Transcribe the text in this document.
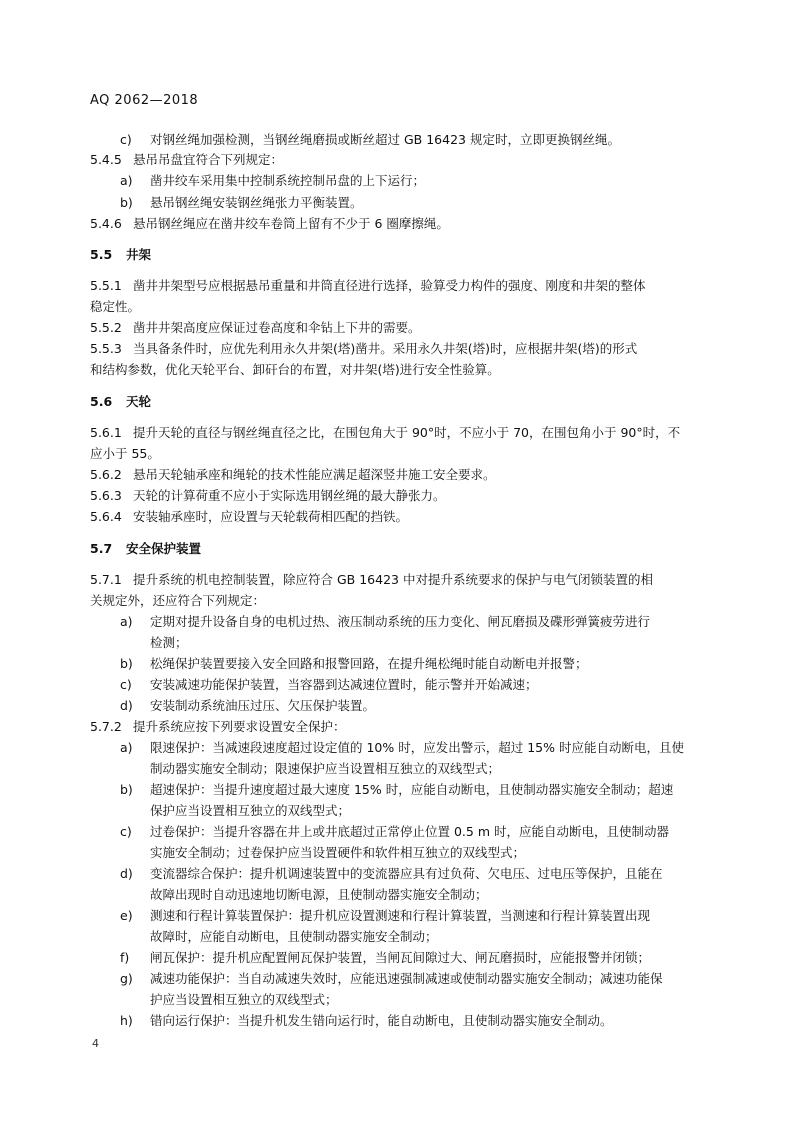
AQ 2062—2018
c) 对钢丝绳加强检测，当钢丝绳磨损或断丝超过 GB 16423 规定时，立即更换钢丝绳。
5.4.5 悬吊吊盘宜符合下列规定：
a) 凿井绞车采用集中控制系统控制吊盘的上下运行；
b) 悬吊钢丝绳安装钢丝绳张力平衡装置。
5.4.6 悬吊钢丝绳应在凿井绞车卷筒上留有不少于 6 圈摩擦绳。
5.5 井架
5.5.1 凿井井架型号应根据悬吊重量和井筒直径进行选择，验算受力构件的强度、刚度和井架的整体
稳定性。
5.5.2 凿井井架高度应保证过卷高度和伞钻上下井的需要。
5.5.3 当具备条件时，应优先利用永久井架(塔)凿井。采用永久井架(塔)时，应根据井架(塔)的形式
和结构参数，优化天轮平台、卸矸台的布置，对井架(塔)进行安全性验算。
5.6 天轮
5.6.1 提升天轮的直径与钢丝绳直径之比，在围包角大于 90°时，不应小于 70，在围包角小于 90°时，不
应小于 55。
5.6.2 悬吊天轮轴承座和绳轮的技术性能应满足超深竖井施工安全要求。
5.6.3 天轮的计算荷重不应小于实际选用钢丝绳的最大静张力。
5.6.4 安装轴承座时，应设置与天轮载荷相匹配的挡铁。
5.7 安全保护装置
5.7.1 提升系统的机电控制装置，除应符合 GB 16423 中对提升系统要求的保护与电气闭锁装置的相
关规定外，还应符合下列规定：
a) 定期对提升设备自身的电机过热、液压制动系统的压力变化、闸瓦磨损及碟形弹簧疲劳进行
检测；
b) 松绳保护装置要接入安全回路和报警回路，在提升绳松绳时能自动断电并报警；
c) 安装减速功能保护装置，当容器到达减速位置时，能示警并开始减速；
d) 安装制动系统油压过压、欠压保护装置。
5.7.2 提升系统应按下列要求设置安全保护：
a) 限速保护：当减速段速度超过设定值的 10% 时，应发出警示，超过 15% 时应能自动断电，且使
制动器实施安全制动；限速保护应当设置相互独立的双线型式；
b) 超速保护：当提升速度超过最大速度 15% 时，应能自动断电，且使制动器实施安全制动；超速
保护应当设置相互独立的双线型式；
c) 过卷保护：当提升容器在井上或井底超过正常停止位置 0.5 m 时，应能自动断电，且使制动器
实施安全制动；过卷保护应当设置硬件和软件相互独立的双线型式；
d) 变流器综合保护：提升机调速装置中的变流器应具有过负荷、欠电压、过电压等保护，且能在
故障出现时自动迅速地切断电源，且使制动器实施安全制动；
e) 测速和行程计算装置保护：提升机应设置测速和行程计算装置，当测速和行程计算装置出现
故障时，应能自动断电，且使制动器实施安全制动；
f) 闸瓦保护：提升机应配置闸瓦保护装置，当闸瓦间隙过大、闸瓦磨损时，应能报警并闭锁；
g) 减速功能保护：当自动减速失效时，应能迅速强制减速或使制动器实施安全制动；减速功能保
护应当设置相互独立的双线型式；
h) 错向运行保护：当提升机发生错向运行时，能自动断电，且使制动器实施安全制动。
4
